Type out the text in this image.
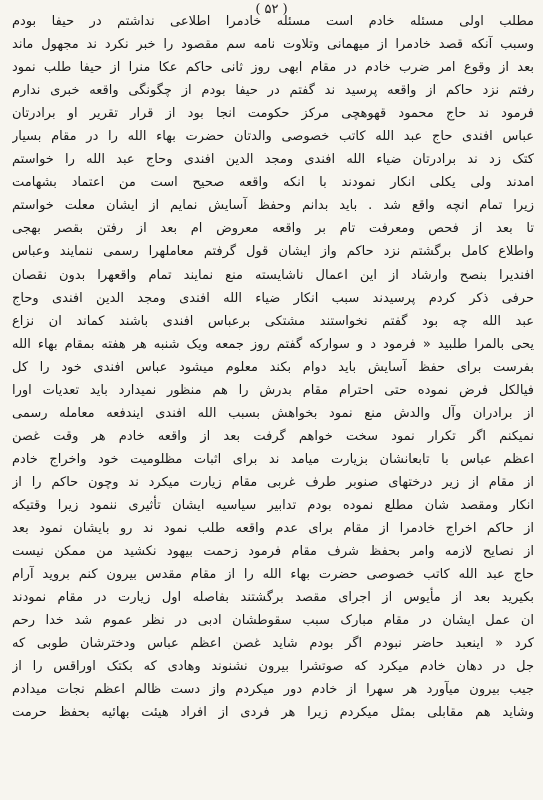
( ۵۲ )
مطلب اولی مسئله خادم است مسئله خادمرا اطلاعی نداشتم در حیفا بودم
وسبب آنکه قصد خادمرا از میهمانی وتلاوت نامه سم مقصود را خبر نکرد ند مجهول ماند
بعد از وقوع امر ضرب خادم در مقام ابهی روز ثانی حاکم عکا منرا از حیفا طلب نمود
رفتم نزد حاکم از واقعه پرسید ند گفتم در حیفا بودم از چگونگی واقعه خبری ندارم
فرمود ند حاج محمود قهوهچی مرکز حکومت انجا بود از قرار تقریر او برادرتان
عباس افندی حاج عبد الله کاتب خصوصی والدتان حضرت بهاء الله را در مقام بسیار
کتک زد ند برادرتان ضیاء الله افندی ومجد الدین افندی وحاج عبد الله را خواستم
امدند ولی یکلی انکار نمودند با انکه واقعه صحیح است من اعتماد بشهامت
زیرا تمام انچه واقع شد . باید بدانم وحفظ آسایش نمایم از ایشان معلت خواستم
تا بعد از فحص ومعرفت تام بر واقعه معروض ام بعد از رفتن بقصر بهجی
واطلاع کامل برگشتم نزد حاکم واز ایشان قول گرفتم معاملهرا رسمی ننمایند وعباس
افندیرا بنصح وارشاد از این اعمال ناشایسته منع نمایند تمام واقعهرا بدون نقصان
حرفی ذکر کردم پرسیدند سبب انکار ضیاء الله افندی ومجد الدین افندی وحاج
عبد الله چه بود گفتم نخواستند مشتکی برعباس افندی باشند کماند ان نزاع
یحی بالمرا طلبید « فرمود د و سوارکه گفتم روز جمعه ویک شنبه هر هفته بمقام بهاء الله
بفرست برای حفظ آسایش باید دوام بکند معلوم میشود عباس افندی خود را کل
فیالکل فرض نموده حتی احترام مقام بدرش را هم منظور نمیدارد باید تعدیات اورا
از برادران وآل والدش منع نمود بخواهش بسبب الله افندی ایندفعه معامله رسمی
نمیکنم اگر تکرار نمود سخت خواهم گرفت بعد از واقعه خادم هر وقت غصن
اعظم عباس با تابعانشان بزیارت میامد ند برای اثبات مظلومیت خود واخراج خادم
از مقام از زیر درختهای صنوبر طرف غربی مقام زیارت میکرد ند وچون حاکم را از
انکار ومقصد شان مطلع نموده بودم تدابیر سیاسیه ایشان تأثیری ننمود زیرا وقتیکه
از حاکم اخراج خادمرا از مقام برای عدم واقعه طلب نمود ند رو بایشان نمود بعد
از نصایح لازمه وامر بحفظ شرف مقام فرمود زحمت بیهود نکشید من ممکن نیست
حاج عبد الله کاتب خصوصی حضرت بهاء الله را از مقام مقدس بیرون کنم بروید آرام
بکیرید بعد از مأیوس از اجرای مقصد برگشتند بفاصله اول زیارت در مقام نمودند
ان عمل ایشان در مقام مبارک سبب سقوطشان ادبی در نظر عموم شد خدا رحم
کرد « اینعبد حاضر نبودم اگر بودم شاید غصن اعظم عباس ودخترشان طوبی که
جل در دهان خادم میکرد که صوتشرا بیرون نشنوند وهادی که بکتک اوراقس را از
جیب بیرون میآورد هر سهرا از خادم دور میکردم واز دست ظالم اعظم نجات میدادم
وشاید هم مقابلی بمثل میکردم زیرا هر فردی از افراد هیئت بهائیه بحفظ حرمت
